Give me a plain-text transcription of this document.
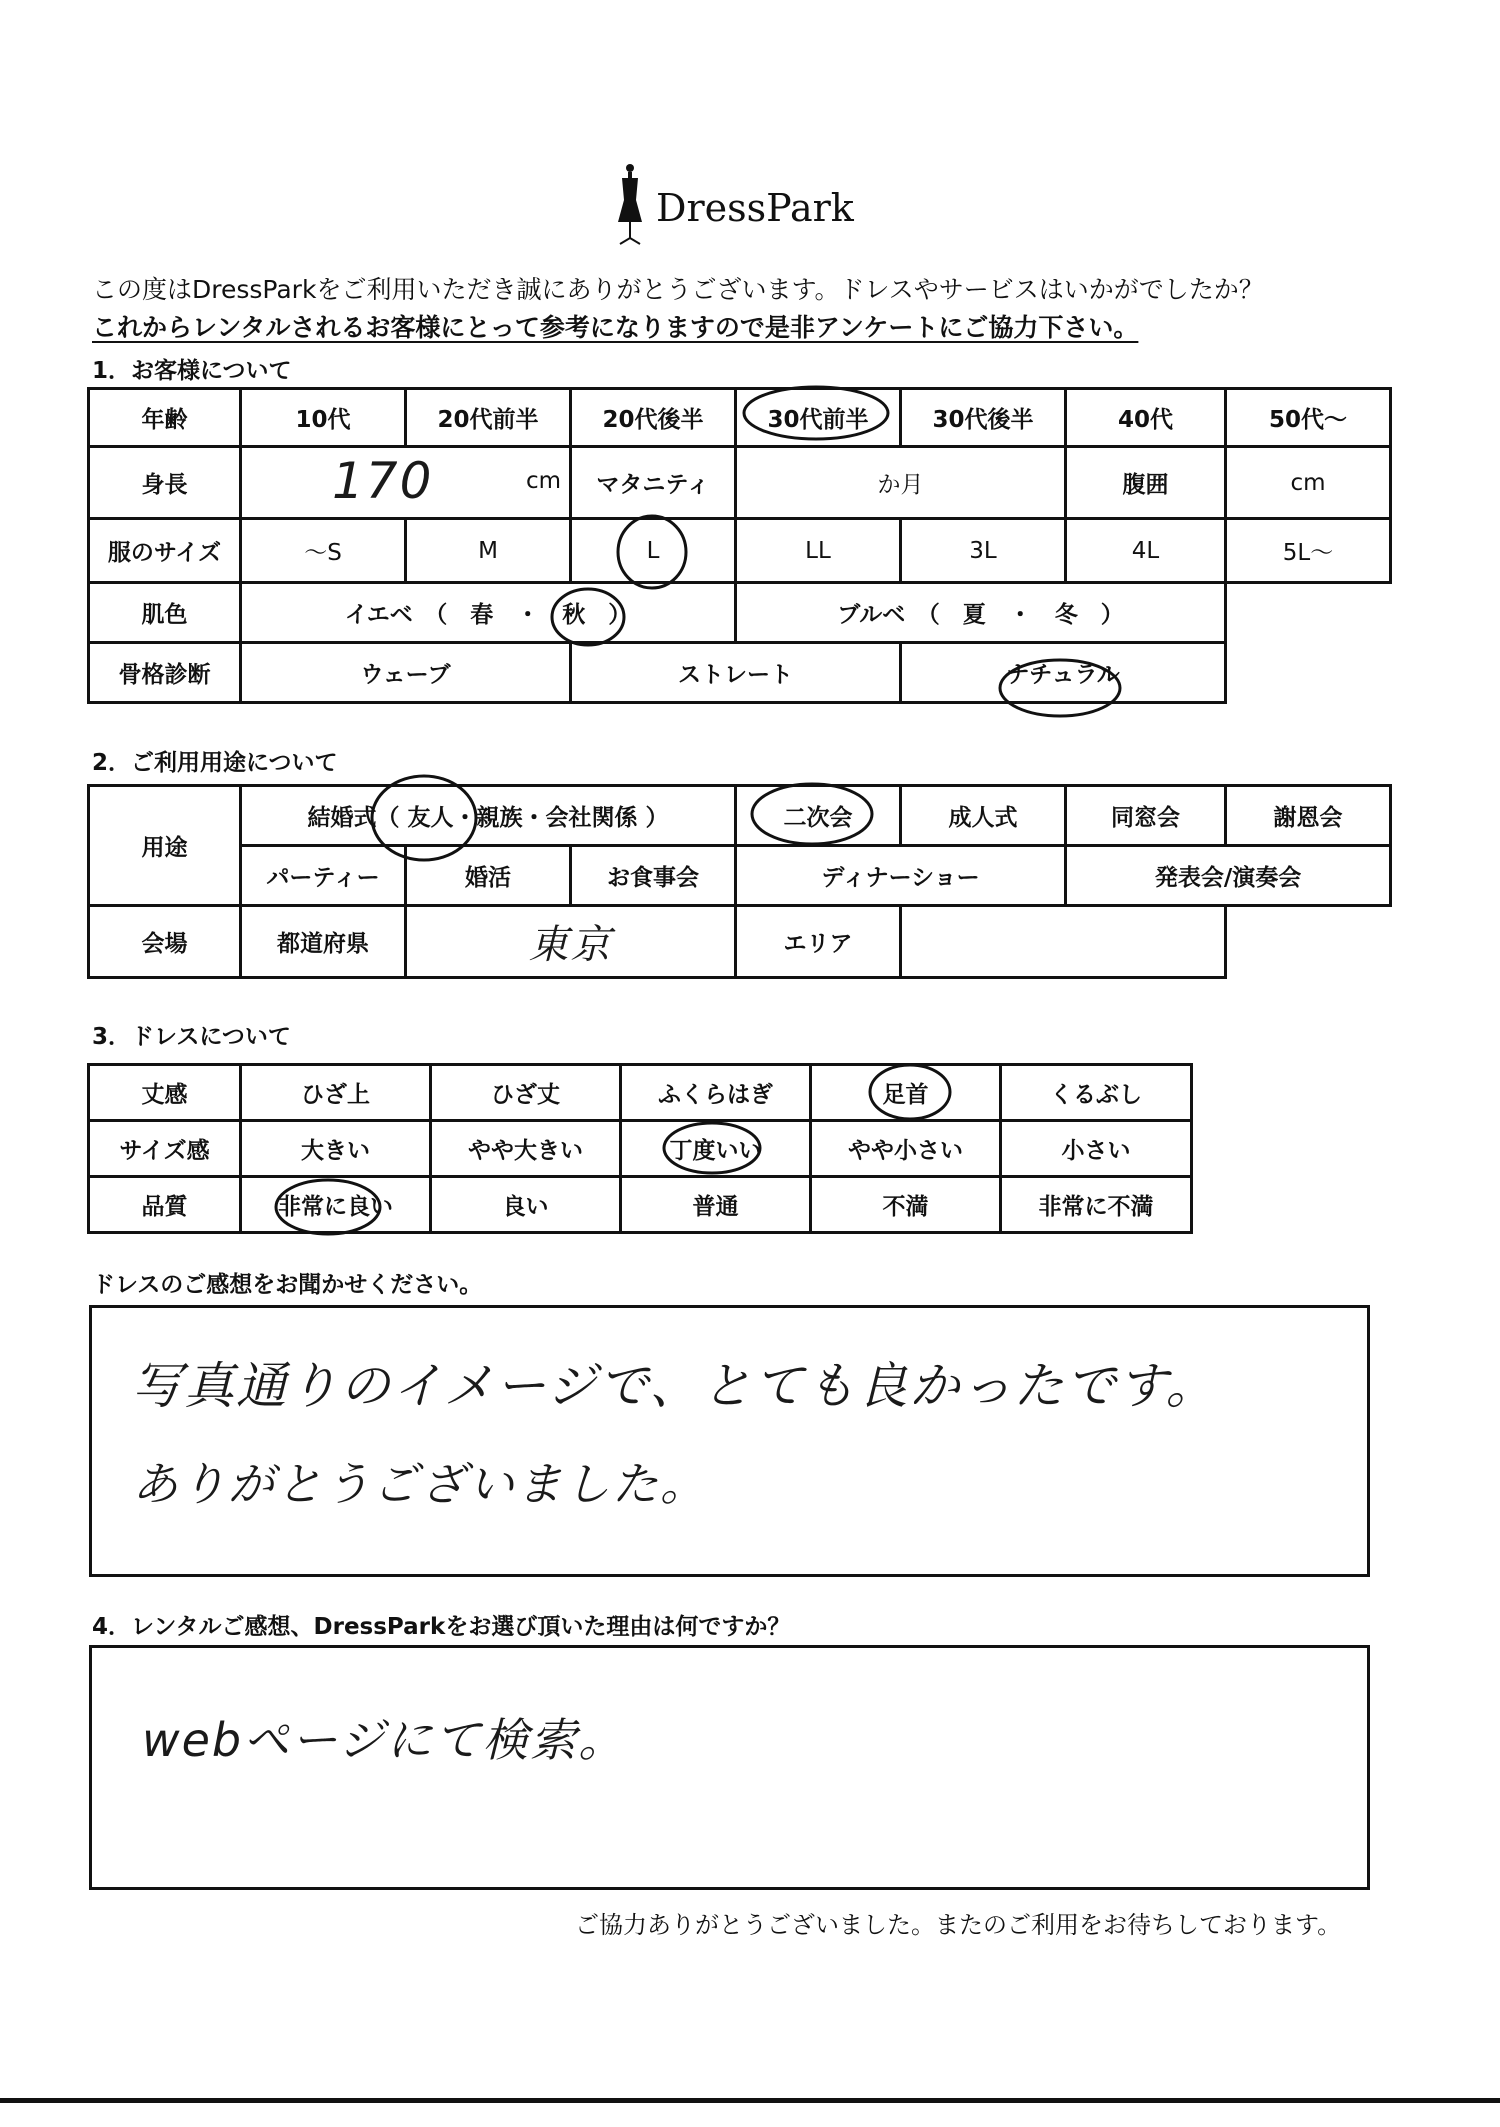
DressPark
この度はDressParkをご利用いただき誠にありがとうございます。ドレスやサービスはいかがでしたか？
これからレンタルされるお客様にとって参考になりますので是非アンケートにご協力下さい。
1．お客様について
年齢	10代	20代前半	20代後半	30代前半	30代後半	40代	50代～
身長	170 cm		マタニティ	か月		腹囲	cm
服のサイズ	～S	M	L	LL	3L	4L	5L～
肌色	イエベ　（　春　・　秋　）			ブルベ　（　夏　・　冬　）			
骨格診断	ウェーブ		ストレート		ナチュラル		
2．ご利用用途について
用途	結婚式（ 友人・親族・会社関係 ）			二次会	成人式	同窓会	謝恩会
	パーティー	婚活	お食事会	ディナーショー		発表会/演奏会	
会場	都道府県	東京		エリア			
3．ドレスについて
丈感	ひざ上	ひざ丈	ふくらはぎ	足首	くるぶし
サイズ感	大きい	やや大きい	丁度いい	やや小さい	小さい
品質	非常に良い	良い	普通	不満	非常に不満
ドレスのご感想をお聞かせください。
写真通りのイメージで、とても良かったです。
ありがとうございました。
4．レンタルご感想、DressParkをお選び頂いた理由は何ですか？
webページにて検索。
ご協力ありがとうございました。またのご利用をお待ちしております。
